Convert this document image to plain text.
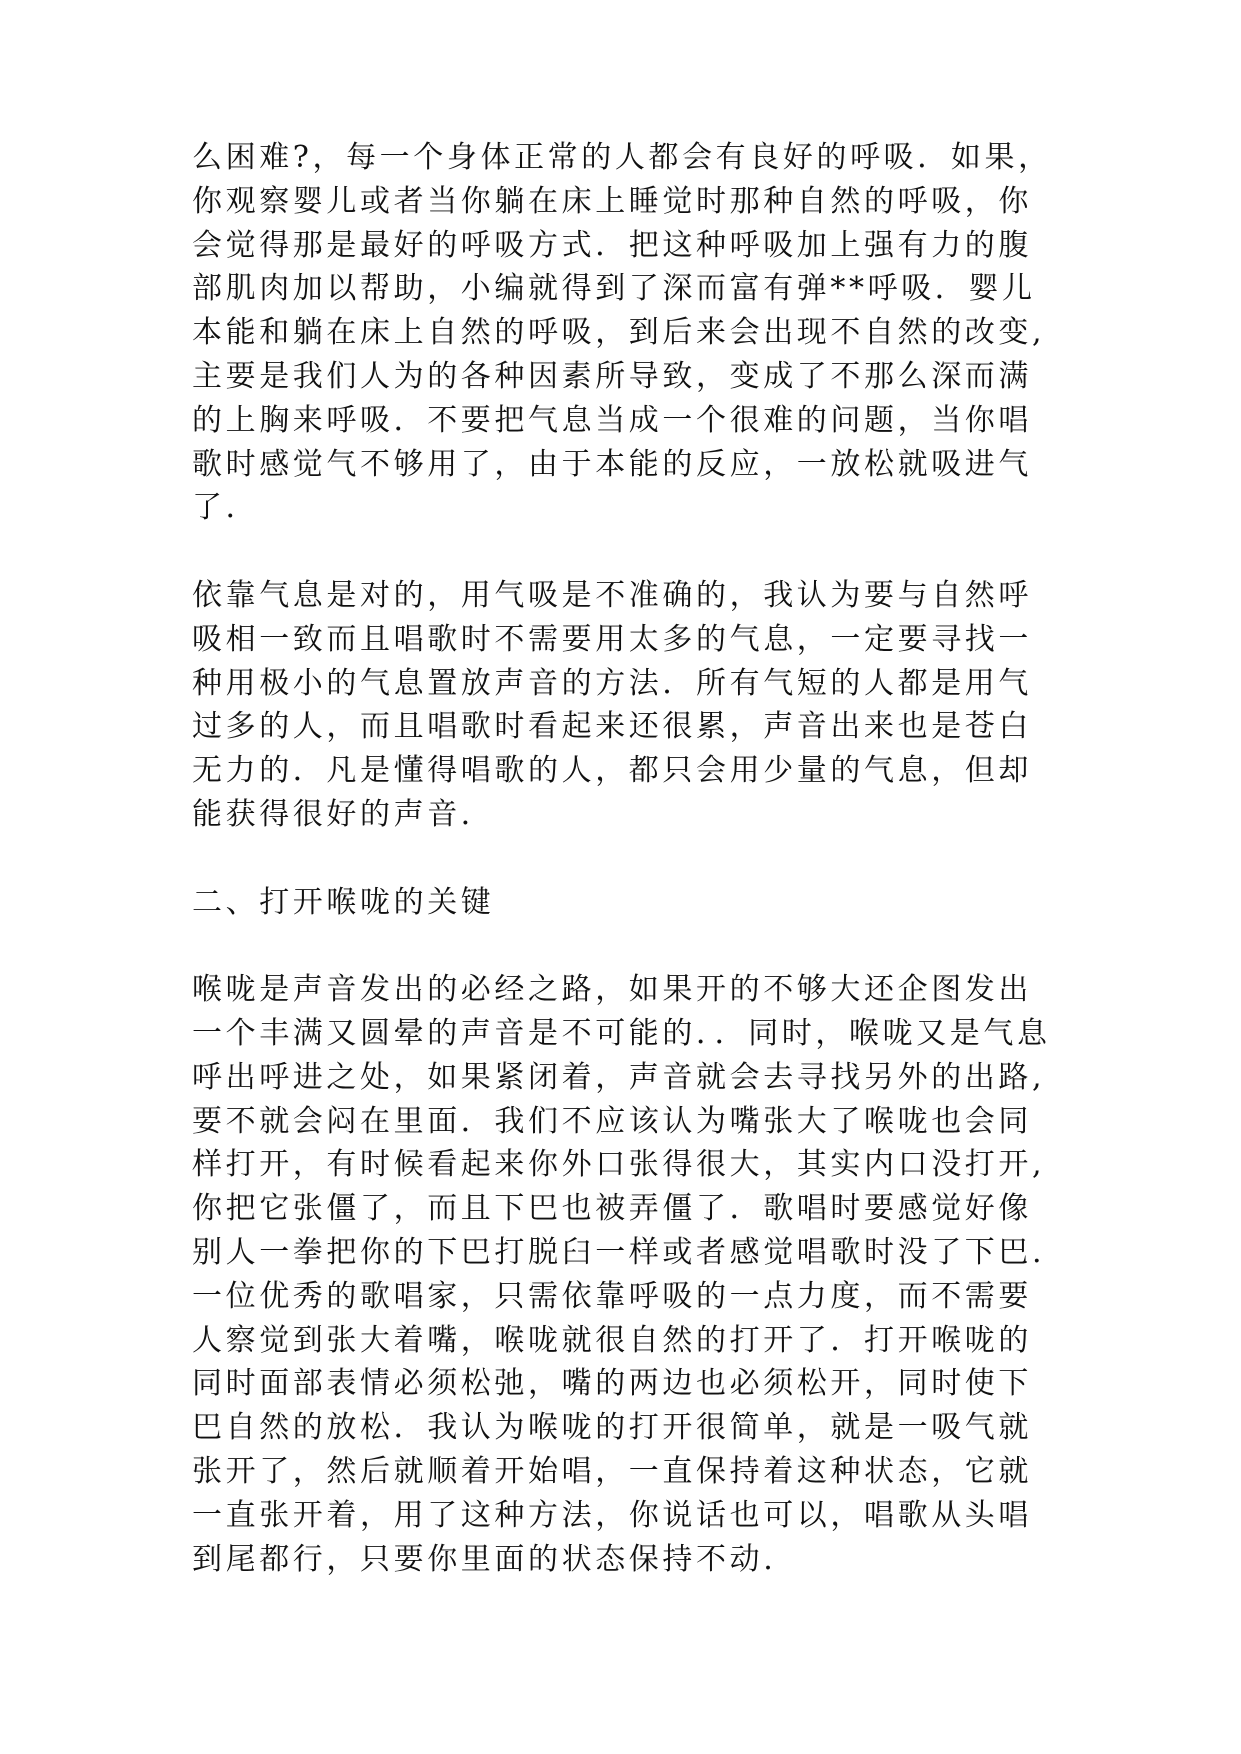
么困难?，每一个身体正常的人都会有良好的呼吸．如果，
你观察婴儿或者当你躺在床上睡觉时那种自然的呼吸，你
会觉得那是最好的呼吸方式．把这种呼吸加上强有力的腹
部肌肉加以帮助，小编就得到了深而富有弹**呼吸．婴儿
本能和躺在床上自然的呼吸，到后来会出现不自然的改变,
主要是我们人为的各种因素所导致，变成了不那么深而满
的上胸来呼吸．不要把气息当成一个很难的问题，当你唱
歌时感觉气不够用了，由于本能的反应，一放松就吸进气
了．
依靠气息是对的，用气吸是不准确的，我认为要与自然呼
吸相一致而且唱歌时不需要用太多的气息，一定要寻找一
种用极小的气息置放声音的方法．所有气短的人都是用气
过多的人，而且唱歌时看起来还很累，声音出来也是苍白
无力的．凡是懂得唱歌的人，都只会用少量的气息，但却
能获得很好的声音．
二、打开喉咙的关键
喉咙是声音发出的必经之路，如果开的不够大还企图发出
一个丰满又圆晕的声音是不可能的．．同时，喉咙又是气息
呼出呼进之处，如果紧闭着，声音就会去寻找另外的出路,
要不就会闷在里面．我们不应该认为嘴张大了喉咙也会同
样打开，有时候看起来你外口张得很大，其实内口没打开,
你把它张僵了，而且下巴也被弄僵了．歌唱时要感觉好像
别人一拳把你的下巴打脱臼一样或者感觉唱歌时没了下巴.
一位优秀的歌唱家，只需依靠呼吸的一点力度，而不需要
人察觉到张大着嘴，喉咙就很自然的打开了．打开喉咙的
同时面部表情必须松弛，嘴的两边也必须松开，同时使下
巴自然的放松．我认为喉咙的打开很简单，就是一吸气就
张开了，然后就顺着开始唱，一直保持着这种状态，它就
一直张开着，用了这种方法，你说话也可以，唱歌从头唱
到尾都行，只要你里面的状态保持不动.
